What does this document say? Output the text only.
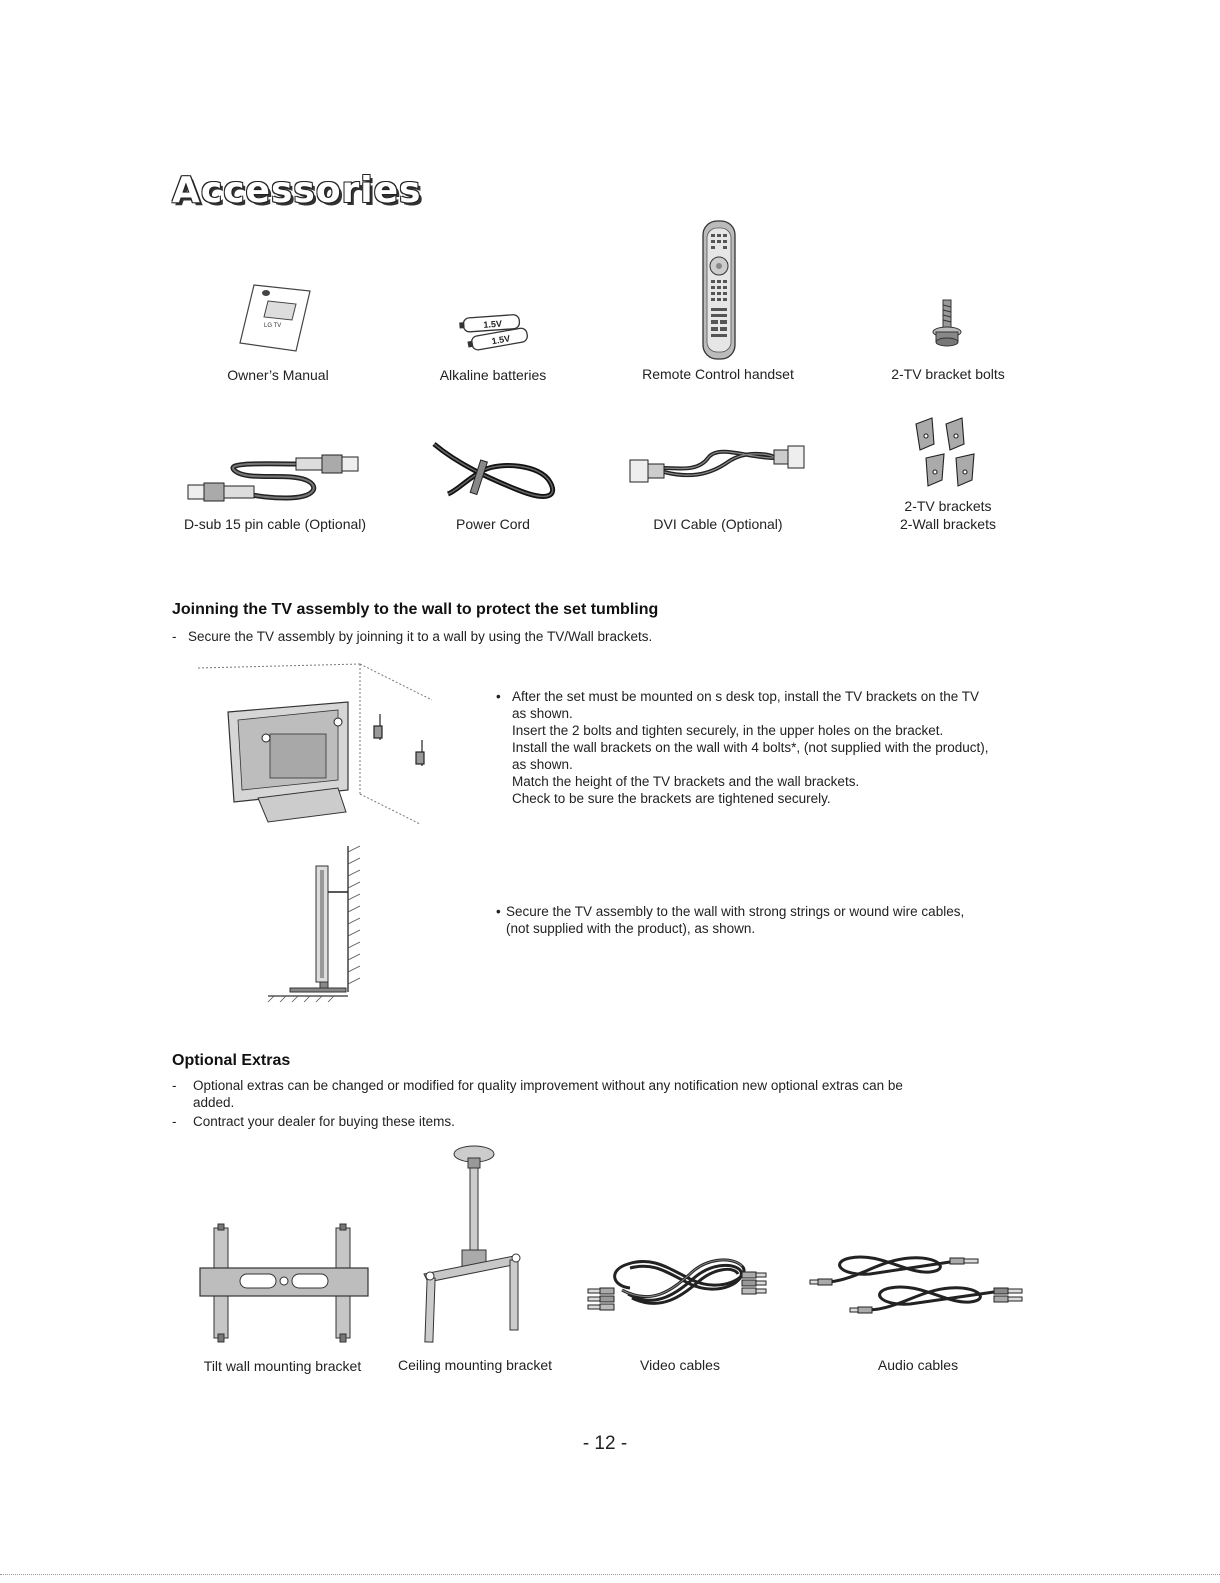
Accessories
LG TV
LG
Owner’s Manual
1.5V
1.5V
Alkaline batteries	Remote Control handset	2-TV bracket bolts
D-sub 15 pin cable (Optional)	Power Cord	DVI Cable (Optional)
2-TV brackets
2-Wall brackets
Joinning the TV assembly to the wall to protect the set tumbling
- Secure the TV assembly by joinning it to a wall by using the TV/Wall brackets.
• After the set must be mounted on s desk top, install the TV brackets on the TV
as shown.
Insert the 2 bolts and tighten securely, in the upper holes on the bracket.
Install the wall brackets on the wall with 4 bolts*, (not supplied with the product),
as shown.
Match the height of the TV brackets and the wall brackets.
Check to be sure the brackets are tightened securely.
• Secure the TV assembly to the wall with strong strings or wound wire cables,
(not supplied with the product), as shown.
Optional Extras
- Optional extras can be changed or modified for quality improvement without any notification new optional extras can be
added.
- Contract your dealer for buying these items.
Tilt wall mounting bracket	Ceiling mounting bracket	Video cables	Audio cables
- 12 -
